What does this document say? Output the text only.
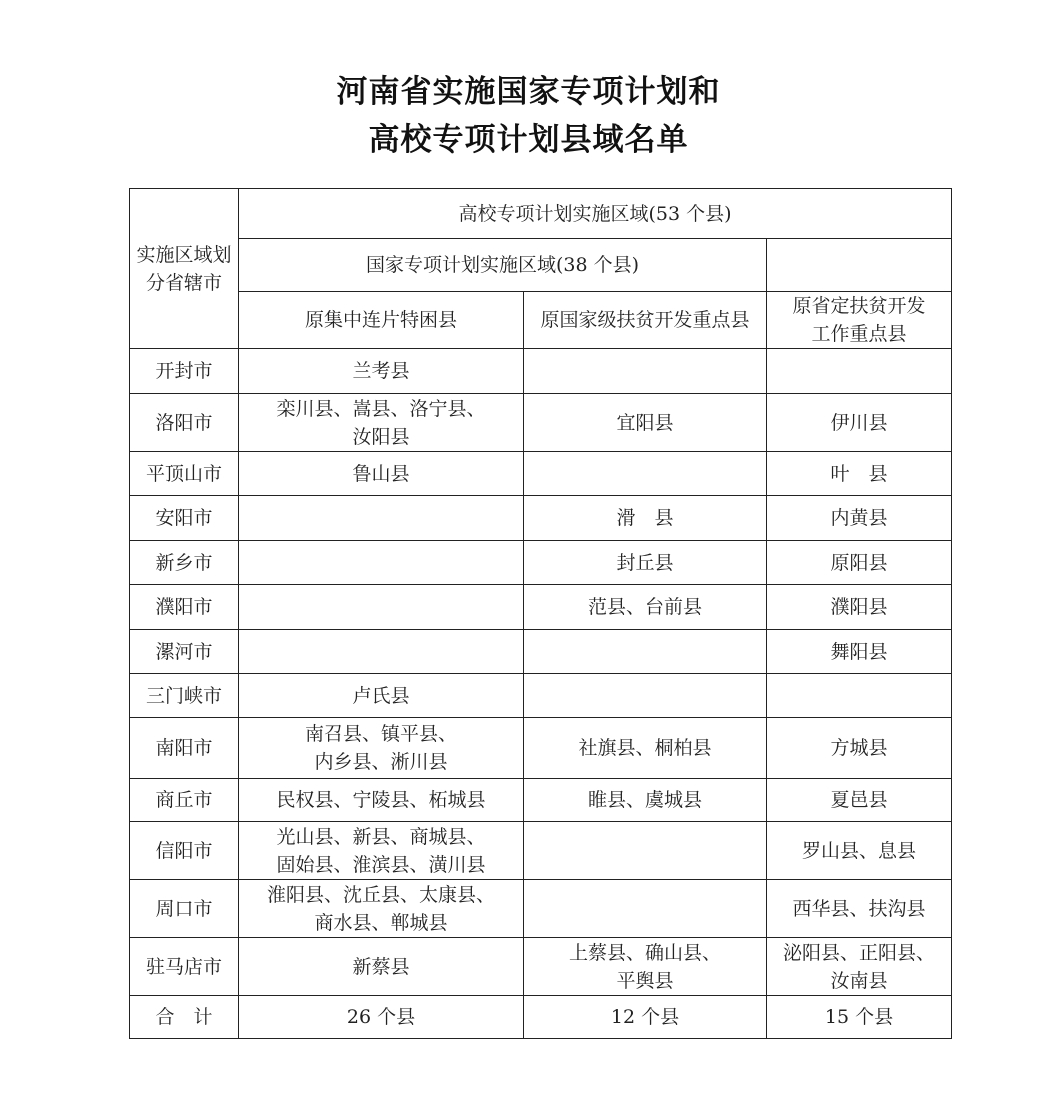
河南省实施国家专项计划和
高校专项计划县域名单
实施区域划
分省辖市	高校专项计划实施区域(53 个县)		
	国家专项计划实施区域(38 个县)		
	原集中连片特困县	原国家级扶贫开发重点县	原省定扶贫开发
工作重点县

开封市	兰考县		
洛阳市	栾川县、嵩县、洛宁县、
汝阳县	宜阳县	伊川县
平顶山市	鲁山县		叶　县
安阳市		滑　县	内黄县
新乡市		封丘县	原阳县
濮阳市		范县、台前县	濮阳县
漯河市			舞阳县
三门峡市	卢氏县		
南阳市	南召县、镇平县、
内乡县、淅川县	社旗县、桐柏县	方城县
商丘市	民权县、宁陵县、柘城县	睢县、虞城县	夏邑县
信阳市	光山县、新县、商城县、
固始县、淮滨县、潢川县		罗山县、息县
周口市	淮阳县、沈丘县、太康县、
商水县、郸城县		西华县、扶沟县
驻马店市	新蔡县	上蔡县、确山县、
平舆县	泌阳县、正阳县、
汝南县

合　计	26 个县	12 个县	15 个县
